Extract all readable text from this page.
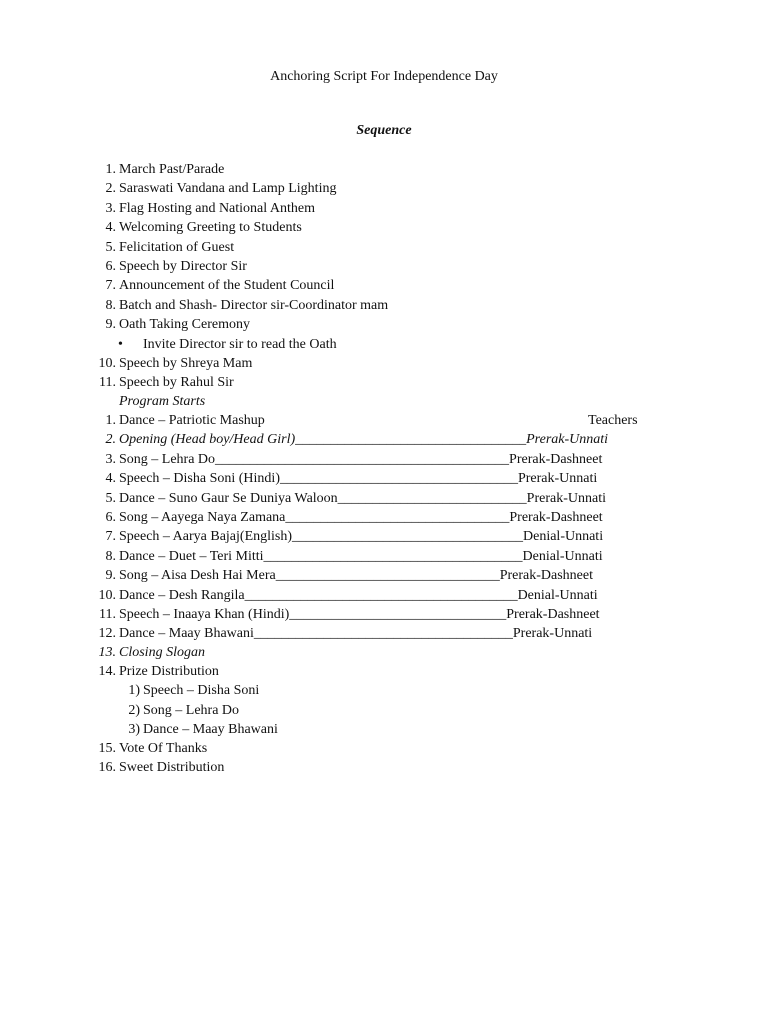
Anchoring Script For Independence Day
Sequence
1. March Past/Parade
2. Saraswati Vandana and Lamp Lighting
3. Flag Hosting and National Anthem
4. Welcoming Greeting to Students
5. Felicitation of Guest
6. Speech by Director Sir
7. Announcement of the Student Council
8. Batch and Shash- Director sir-Coordinator mam
9. Oath Taking Ceremony
• Invite Director sir to read the Oath
10. Speech by Shreya Mam
11. Speech by Rahul Sir
Program Starts
1. Dance – Patriotic Mashup	Teachers
2. Opening (Head boy/Head Girl)_________________________________Prerak-Unnati
3. Song – Lehra Do__________________________________________Prerak-Dashneet
4. Speech – Disha Soni (Hindi)__________________________________Prerak-Unnati
5. Dance – Suno Gaur Se Duniya Waloon___________________________Prerak-Unnati
6. Song – Aayega Naya Zamana________________________________Prerak-Dashneet
7. Speech – Aarya Bajaj(English)_________________________________Denial-Unnati
8. Dance – Duet – Teri Mitti_____________________________________Denial-Unnati
9. Song – Aisa Desh Hai Mera________________________________Prerak-Dashneet
10. Dance – Desh Rangila_______________________________________Denial-Unnati
11. Speech – Inaaya Khan (Hindi)_______________________________Prerak-Dashneet
12. Dance – Maay Bhawani_____________________________________Prerak-Unnati
13. Closing Slogan
14. Prize Distribution
1) Speech – Disha Soni
2) Song – Lehra Do
3) Dance – Maay Bhawani
15. Vote Of Thanks
16. Sweet Distribution
